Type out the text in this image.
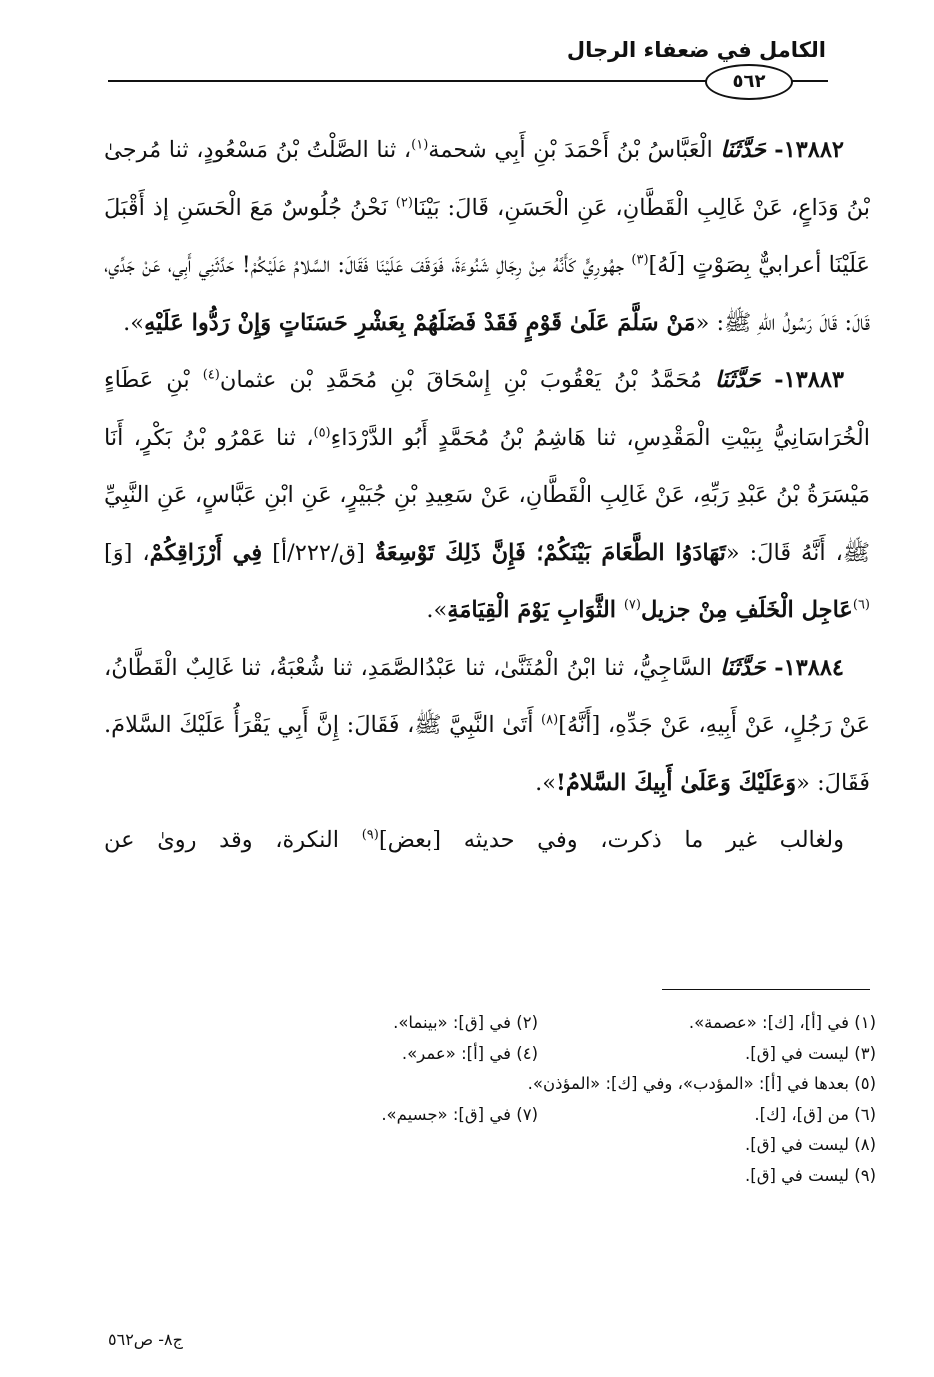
الكامل في ضعفاء الرجال
٥٦٢

١٣٨٨٢- حَدَّثَنَا الْعَبَّاسُ بْنُ أَحْمَدَ بْنِ أَبِي شحمة$^{(١)}$، ثنا الصَّلْتُ بْنُ مَسْعُودٍ، ثنا مُرجىٰ بْنُ وَدَاعٍ، عَنْ غَالِبِ الْقَطَّانِ، عَنِ الْحَسَنِ، قَالَ: بَيْنَا$^{(٢)}$ نَحْنُ جُلُوسٌ مَعَ الْحَسَنِ إذ أَقْبَلَ عَلَيْنَا أعرابيٌّ بِصَوْتٍ [لَهُ]$^{(٣)}$ جهُورِيٍّ كَأَنَّهُ مِنْ رِجَالِ شَنُوءَةَ، فَوَقَفَ عَلَيْنَا فَقَالَ: السَّلامُ عَلَيْكُمْ! حَدَّثَنِي أَبِي، عَنْ جَدِّي، قَالَ: قَالَ رَسُولُ اللهِ ﷺ: «مَنْ سَلَّمَ عَلَىٰ قَوْمٍ فَقَدْ فَضَلَهُمْ بِعَشْرِ حَسَنَاتٍ وَإِنْ رَدُّوا عَلَيْهِ».

١٣٨٨٣- حَدَّثَنَا مُحَمَّدُ بْنُ يَعْقُوبَ بْنِ إِسْحَاقَ بْنِ مُحَمَّدِ بْن عثمان$^{(٤)}$ بْنِ عَطَاءٍ الْخُرَاسَانِيُّ بِبَيْتِ الْمَقْدِسِ، ثنا هَاشِمُ بْنُ مُحَمَّدٍ أَبُو الدَّرْدَاءِ$^{(٥)}$، ثنا عَمْرُو بْنُ بَكْرٍ، أَنَا مَيْسَرَةُ بْنُ عَبْدِ رَبِّهِ، عَنْ غَالِبِ الْقَطَّانِ، عَنْ سَعِيدِ بْنِ جُبَيْرٍ، عَنِ ابْنِ عَبَّاسٍ، عَنِ النَّبِيِّ ﷺ، أَنَّهُ قَالَ: «تَهَادَوُا الطَّعَامَ بَيْنَكُمْ؛ فَإِنَّ ذَلِكَ تَوْسِعَةٌ [ق/٢٢٢/أ] فِي أَرْزَاقِكُمْ، [وَ]$^{(٦)}$عَاجِل الْخَلَفِ مِنْ جزيل$^{(٧)}$ الثَّوَابِ يَوْمَ الْقِيَامَةِ».

١٣٨٨٤- حَدَّثَنَا السَّاجِيُّ، ثنا ابْنُ الْمُثَنَّىٰ، ثنا عَبْدُالصَّمَدِ، ثنا شُعْبَةُ، ثنا غَالِبٌ الْقَطَّانُ، عَنْ رَجُلٍ، عَنْ أَبِيهِ، عَنْ جَدِّهِ، [أَنَّهُ]$^{(٨)}$ أَتَىٰ النَّبِيَّ ﷺ، فَقَالَ: إِنَّ أَبِي يَقْرَأُ عَلَيْكَ السَّلامَ. فَقَالَ: «وَعَلَيْكَ وَعَلَىٰ أَبِيكَ السَّلامُ!».

ولغالب غير ما ذكرت، وفي حديثه [بعض]$^{(٩)}$ النكرة، وقد روىٰ عن

(١) في [أ]، [ك]: «عصمة».
(٢) في [ق]: «بينما».
(٣) ليست في [ق].
(٤) في [أ]: «عمر».
(٥) بعدها في [أ]: «المؤدب»، وفي [ك]: «المؤذن».
(٦) من [ق]، [ك].
(٧) في [ق]: «جسيم».
(٨) ليست في [ق].
(٩) ليست في [ق].
ج٨- ص٥٦٢
